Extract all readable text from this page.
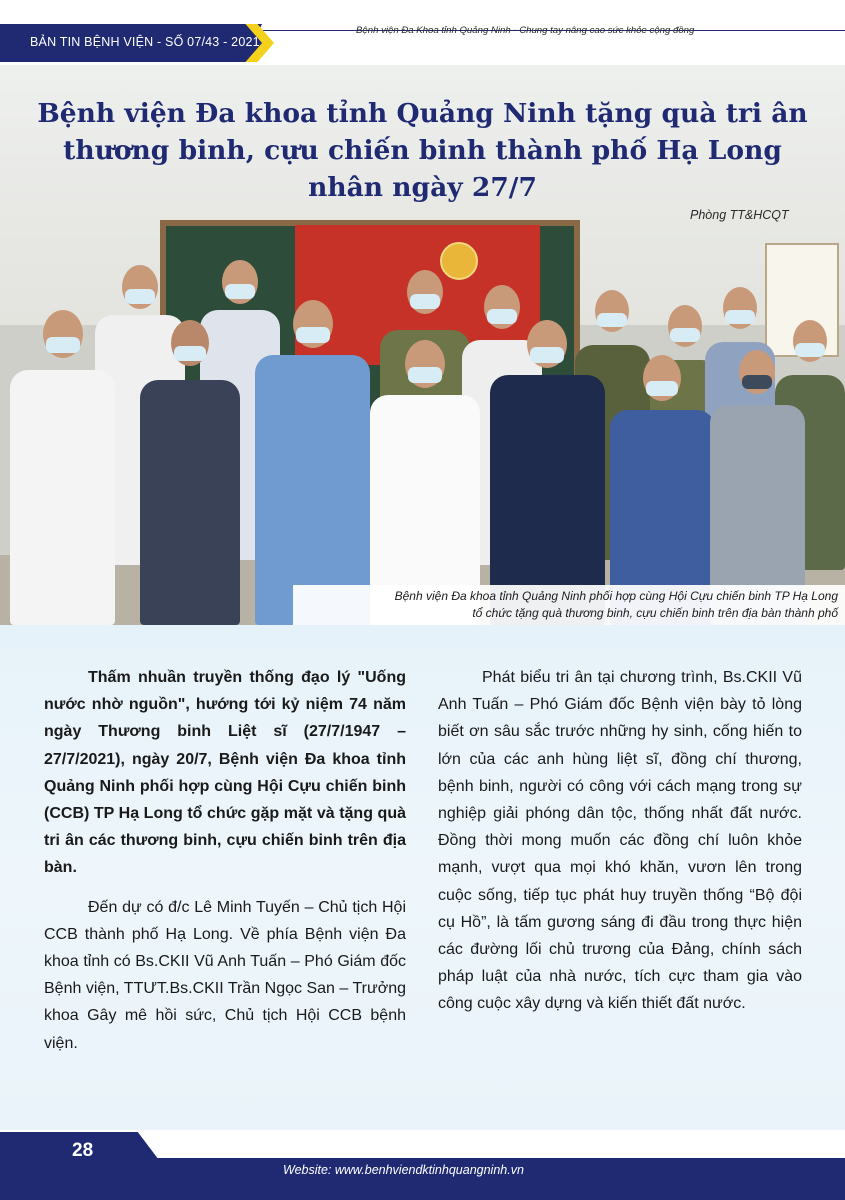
BẢN TIN BỆNH VIỆN - SỐ 07/43 - 2021
Bệnh viện Đa Khoa tỉnh Quảng Ninh - Chung tay nâng cao sức khỏe cộng đồng
Bệnh viện Đa khoa tỉnh Quảng Ninh phối hợp cùng Hội Cựu chiến binh TP Hạ Long
tổ chức tặng quà thương binh, cựu chiến binh trên địa bàn thành phố
Bệnh viện Đa khoa tỉnh Quảng Ninh tặng quà tri ân
thương binh, cựu chiến binh thành phố Hạ Long
nhân ngày 27/7
Phòng TT&HCQT

Thấm nhuần truyền thống đạo lý "Uống nước nhờ nguồn", hướng tới kỷ niệm 74 năm ngày Thương binh Liệt sĩ (27/7/1947 – 27/7/2021), ngày 20/7, Bệnh viện Đa khoa tỉnh Quảng Ninh phối hợp cùng Hội Cựu chiến binh (CCB) TP Hạ Long tổ chức gặp mặt và tặng quà tri ân các thương binh, cựu chiến binh trên địa bàn.

Đến dự có đ/c Lê Minh Tuyến – Chủ tịch Hội CCB thành phố Hạ Long. Về phía Bệnh viện Đa khoa tỉnh có Bs.CKII Vũ Anh Tuấn – Phó Giám đốc Bệnh viện, TTƯT.Bs.CKII Trần Ngọc San – Trưởng khoa Gây mê hồi sức, Chủ tịch Hội CCB bệnh viện.

Phát biểu tri ân tại chương trình, Bs.CKII Vũ Anh Tuấn – Phó Giám đốc Bệnh viện bày tỏ lòng biết ơn sâu sắc trước những hy sinh, cống hiến to lớn của các anh hùng liệt sĩ, đồng chí thương, bệnh binh, người có công với cách mạng trong sự nghiệp giải phóng dân tộc, thống nhất đất nước. Đồng thời mong muốn các đồng chí luôn khỏe mạnh, vượt qua mọi khó khăn, vươn lên trong cuộc sống, tiếp tục phát huy truyền thống “Bộ đội cụ Hồ”, là tấm gương sáng đi đầu trong thực hiện các đường lối chủ trương của Đảng, chính sách pháp luật của nhà nước, tích cực tham gia vào công cuộc xây dựng và kiến thiết đất nước.

28
Website: www.benhviendktinhquangninh.vn
